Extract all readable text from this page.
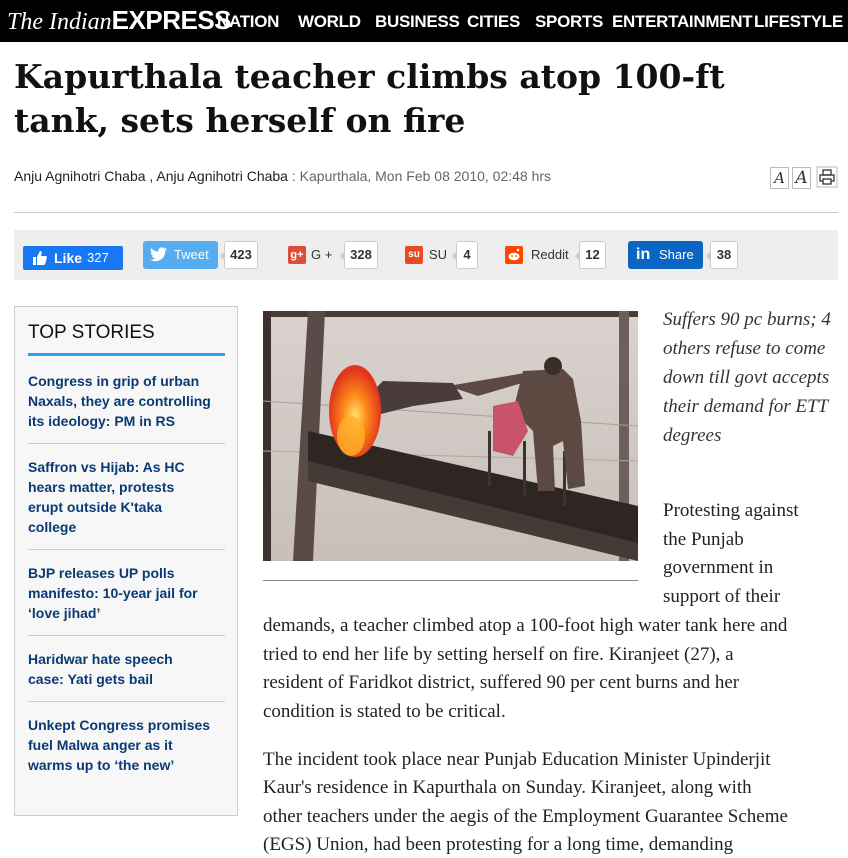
The IndianEXPRESS
NATION WORLD BUSINESS CITIES SPORTS ENTERTAINMENT LIFESTYLE
Kapurthala teacher climbs atop 100-ft tank, sets herself on fire
Anju Agnihotri Chaba , Anju Agnihotri Chaba : Kapurthala, Mon Feb 08 2010, 02:48 hrs	A A
Like 327	Tweet	423	g+ G +	328	su SU	4	Reddit	12	in Share	38
TOP STORIES
Congress in grip of urban
Naxals, they are controlling
its ideology: PM in RS
Saffron vs Hijab: As HC
hears matter, protests
erupt outside K'taka
college
BJP releases UP polls
manifesto: 10-year jail for
‘love jihad’
Haridwar hate speech
case: Yati gets bail
Unkept Congress promises
fuel Malwa anger as it
warms up to ‘the new’
Suffers 90 pc burns; 4 others refuse to come down till govt accepts their demand for ETT degrees
Protesting against
the Punjab
government in
support of their
demands, a teacher climbed atop a 100-foot high water tank here and
tried to end her life by setting herself on fire. Kiranjeet (27), a
resident of Faridkot district, suffered 90 per cent burns and her
condition is stated to be critical.
The incident took place near Punjab Education Minister Upinderjit
Kaur's residence in Kapurthala on Sunday. Kiranjeet, along with
other teachers under the aegis of the Employment Guarantee Scheme
(EGS) Union, had been protesting for a long time, demanding
